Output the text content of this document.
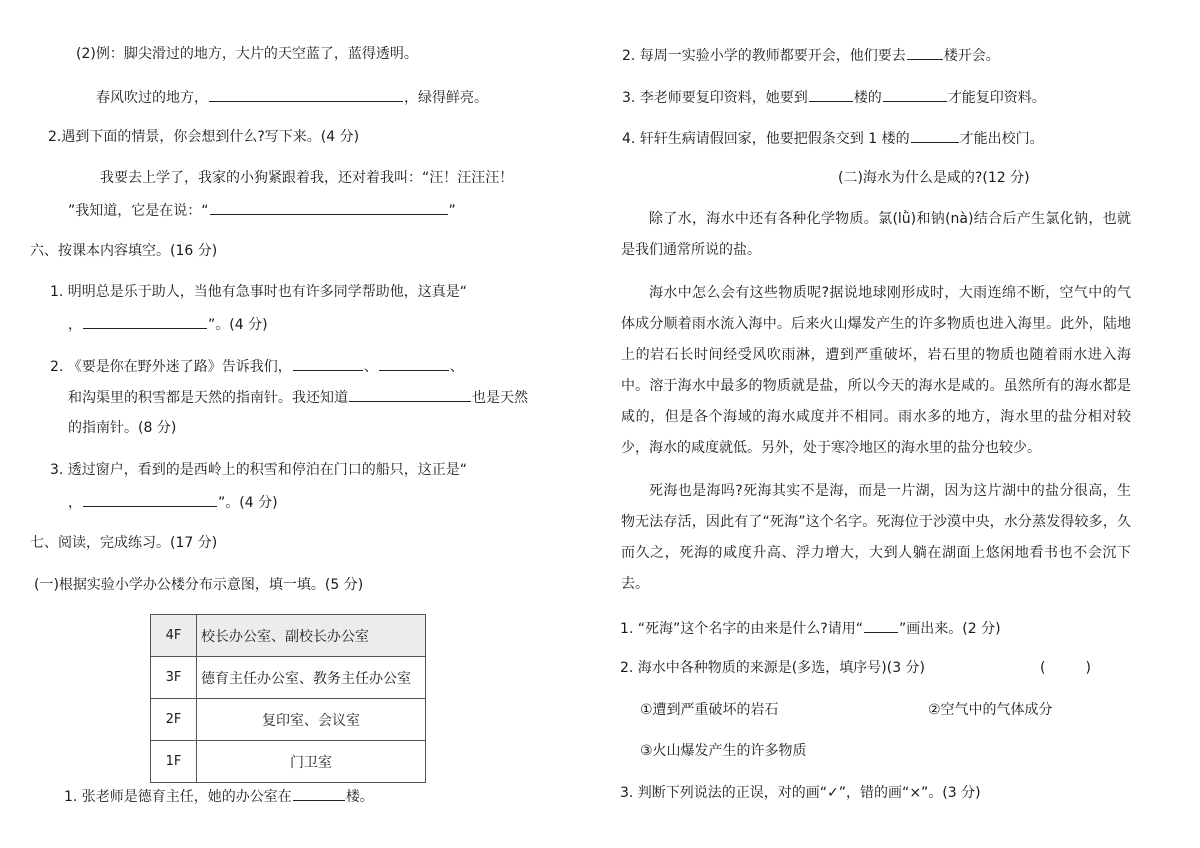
(2)例：脚尖滑过的地方，大片的天空蓝了，蓝得透明。
春风吹过的地方，	，绿得鲜亮。
2.遇到下面的情景，你会想到什么?写下来。(4 分)
我要去上学了，我家的小狗紧跟着我，还对着我叫：“汪！汪汪汪！
”我知道，它是在说：“	”
六、按课本内容填空。(16 分)
1. 明明总是乐于助人，当他有急事时也有许多同学帮助他，这真是“
，	”。(4 分)
2. 《要是你在野外迷了路》告诉我们，	、	、
和沟渠里的积雪都是天然的指南针。我还知道	也是天然
的指南针。(8 分)
3. 透过窗户，看到的是西岭上的积雪和停泊在门口的船只，这正是“
，	”。(4 分)
七、阅读，完成练习。(17 分)
(一)根据实验小学办公楼分布示意图，填一填。(5 分)
4F	校长办公室、副校长办公室
3F	德育主任办公室、教务主任办公室
2F	复印室、会议室
1F	门卫室
1. 张老师是德育主任，她的办公室在	楼。
2. 每周一实验小学的教师都要开会，他们要去	楼开会。
3. 李老师要复印资料，她要到	楼的	才能复印资料。
4. 轩轩生病请假回家，他要把假条交到 1 楼的	才能出校门。
(二)海水为什么是咸的?(12 分)

除了水，海水中还有各种化学物质。氯(lǜ)和钠(nà)结合后产生氯化钠，也就是我们通常所说的盐。

海水中怎么会有这些物质呢?据说地球刚形成时，大雨连绵不断，空气中的气体成分顺着雨水流入海中。后来火山爆发产生的许多物质也进入海里。此外，陆地上的岩石长时间经受风吹雨淋，遭到严重破坏，岩石里的物质也随着雨水进入海中。溶于海水中最多的物质就是盐，所以今天的海水是咸的。虽然所有的海水都是咸的，但是各个海域的海水咸度并不相同。雨水多的地方，海水里的盐分相对较少，海水的咸度就低。另外，处于寒冷地区的海水里的盐分也较少。

死海也是海吗?死海其实不是海，而是一片湖，因为这片湖中的盐分很高，生物无法存活，因此有了“死海”这个名字。死海位于沙漠中央，水分蒸发得较多，久而久之，死海的咸度升高、浮力增大，大到人躺在湖面上悠闲地看书也不会沉下去。

1. “死海”这个名字的由来是什么?请用“	”画出来。(2 分)
2. 海水中各种物质的来源是(多选，填序号)(3 分)	(	)
①遭到严重破坏的岩石	②空气中的气体成分
③火山爆发产生的许多物质
3. 判断下列说法的正误，对的画“✓”，错的画“×”。(3 分)
